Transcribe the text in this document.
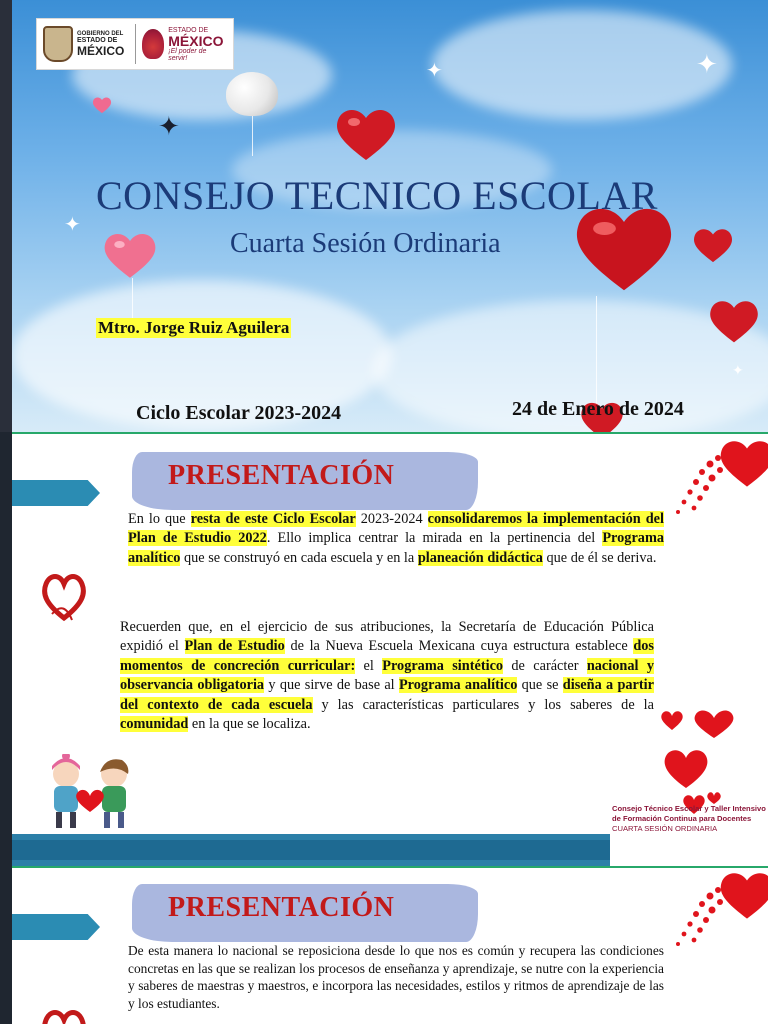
✦	✦
✦
✦
✦
GOBIERNO DEL
ESTADO DE
MÉXICO
ESTADO DE
MÉXICO
¡El poder de servir!
CONSEJO TECNICO ESCOLAR
Cuarta Sesión Ordinaria
Mtro. Jorge Ruiz Aguilera
Ciclo Escolar 2023-2024	24 de Enero de 2024
PRESENTACIÓN
En lo que resta de este Ciclo Escolar 2023-2024 consolidaremos la implementación del Plan de Estudio 2022. Ello implica centrar la mirada en la pertinencia del Programa analítico que se construyó en cada escuela y en la planeación didáctica que de él se deriva.
Recuerden que, en el ejercicio de sus atribuciones, la Secretaría de Educación Pública expidió el Plan de Estudio de la Nueva Escuela Mexicana cuya estructura establece dos momentos de concreción curricular: el Programa sintético de carácter nacional y observancia obligatoria y que sirve de base al Programa analítico que se diseña a partir del contexto de cada escuela y las características particulares y los saberes de la comunidad en la que se localiza.
Consejo Técnico Escolar y Taller Intensivo
de Formación Continua para Docentes
CUARTA SESIÓN ORDINARIA
PRESENTACIÓN
De esta manera lo nacional se reposiciona desde lo que nos es común y recupera las condiciones concretas en las que se realizan los procesos de enseñanza y aprendizaje, se nutre con la experiencia y saberes de maestras y maestros, e incorpora las necesidades, estilos y ritmos de aprendizaje de las y los estudiantes.
